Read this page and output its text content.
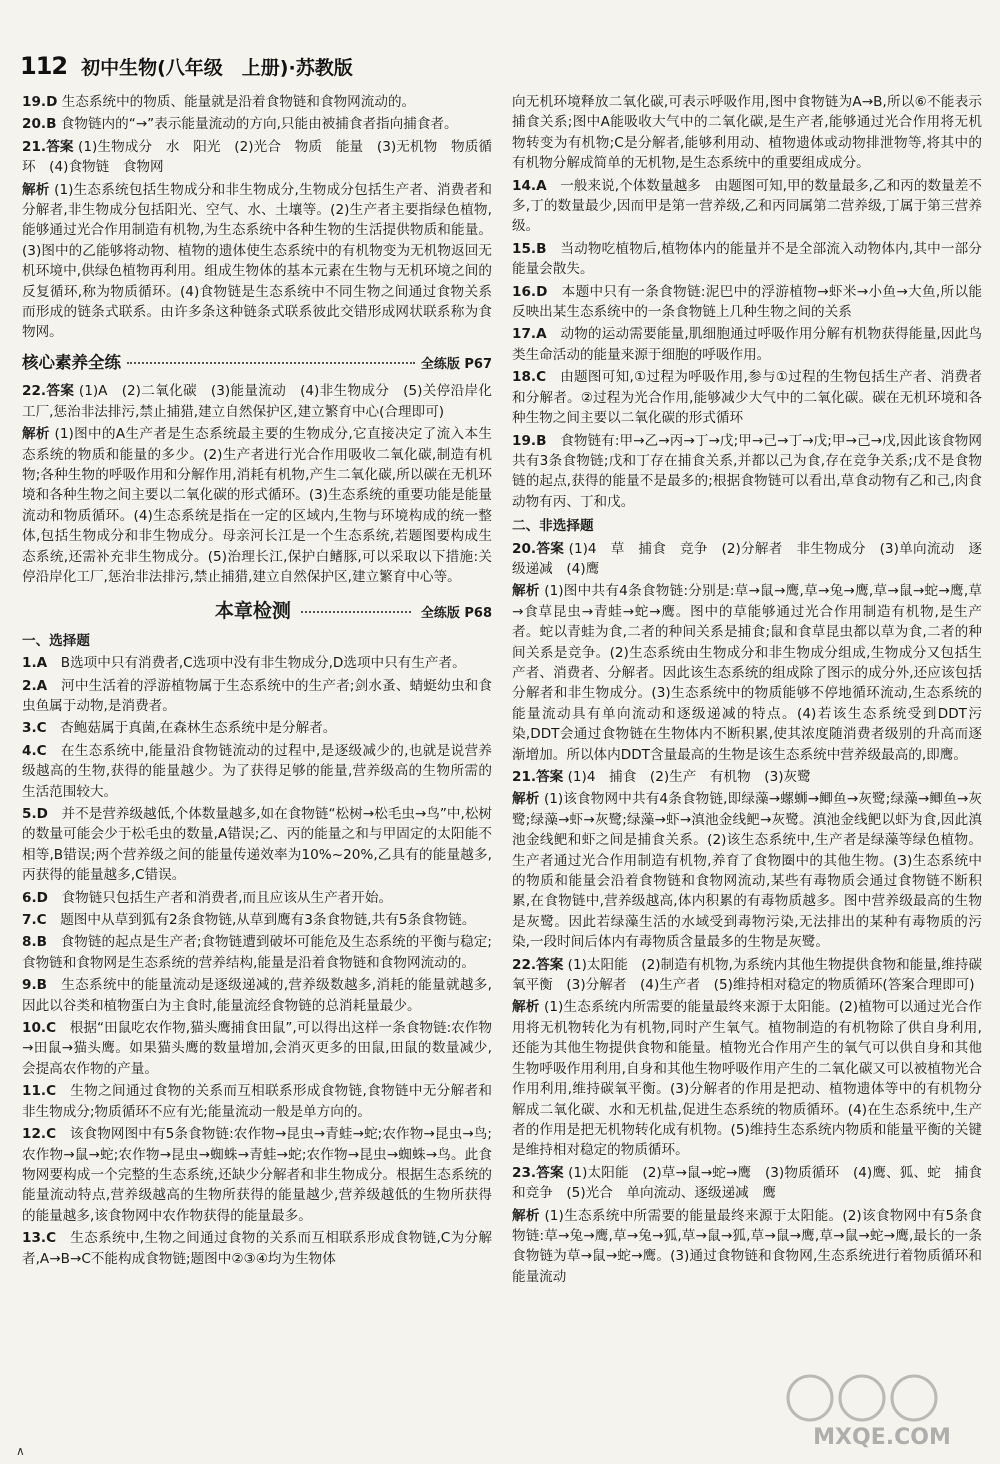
112 初中生物(八年级　上册)·苏教版
19.D 生态系统中的物质、能量就是沿着食物链和食物网流动的。
20.B 食物链内的“→”表示能量流动的方向,只能由被捕食者指向捕食者。
21.答案 (1)生物成分　水　阳光　(2)光合　物质　能量　(3)无机物　物质循环　(4)食物链　食物网
解析 (1)生态系统包括生物成分和非生物成分,生物成分包括生产者、消费者和分解者,非生物成分包括阳光、空气、水、土壤等。(2)生产者主要指绿色植物,能够通过光合作用制造有机物,为生态系统中各种生物的生活提供物质和能量。(3)图中的乙能够将动物、植物的遗体使生态系统中的有机物变为无机物返回无机环境中,供绿色植物再利用。组成生物体的基本元素在生物与无机环境之间的反复循环,称为物质循环。(4)食物链是生态系统中不同生物之间通过食物关系而形成的链条式联系。由许多条这种链条式联系彼此交错形成网状联系称为食物网。
核心素养全练	全练版 P67
22.答案 (1)A　(2)二氧化碳　(3)能量流动　(4)非生物成分　(5)关停沿岸化工厂,惩治非法排污,禁止捕猎,建立自然保护区,建立繁育中心(合理即可)
解析 (1)图中的A生产者是生态系统最主要的生物成分,它直接决定了流入本生态系统的物质和能量的多少。(2)生产者进行光合作用吸收二氧化碳,制造有机物;各种生物的呼吸作用和分解作用,消耗有机物,产生二氧化碳,所以碳在无机环境和各种生物之间主要以二氧化碳的形式循环。(3)生态系统的重要功能是能量流动和物质循环。(4)生态系统是指在一定的区域内,生物与环境构成的统一整体,包括生物成分和非生物成分。母亲河长江是一个生态系统,若题图要构成生态系统,还需补充非生物成分。(5)治理长江,保护白鳍豚,可以采取以下措施:关停沿岸化工厂,惩治非法排污,禁止捕猎,建立自然保护区,建立繁育中心等。
本章检测	全练版 P68
一、选择题
1.A　 B选项中只有消费者,C选项中没有非生物成分,D选项中只有生产者。
2.A　 河中生活着的浮游植物属于生态系统中的生产者;剑水蚤、蜻蜓幼虫和食虫鱼属于动物,是消费者。
3.C　 杏鲍菇属于真菌,在森林生态系统中是分解者。
4.C　 在生态系统中,能量沿食物链流动的过程中,是逐级减少的,也就是说营养级越高的生物,获得的能量越少。为了获得足够的能量,营养级高的生物所需的生活范围较大。
5.D　 并不是营养级越低,个体数量越多,如在食物链“松树→松毛虫→鸟”中,松树的数量可能会少于松毛虫的数量,A错误;乙、丙的能量之和与甲固定的太阳能不相等,B错误;两个营养级之间的能量传递效率为10%~20%,乙具有的能量越多,丙获得的能量越多,C错误。
6.D　 食物链只包括生产者和消费者,而且应该从生产者开始。
7.C　 题图中从草到狐有2条食物链,从草到鹰有3条食物链,共有5条食物链。
8.B　 食物链的起点是生产者;食物链遭到破坏可能危及生态系统的平衡与稳定;食物链和食物网是生态系统的营养结构,能量是沿着食物链和食物网流动的。
9.B　 生态系统中的能量流动是逐级递减的,营养级数越多,消耗的能量就越多,因此以谷类和植物蛋白为主食时,能量流经食物链的总消耗量最少。
10.C　 根据“田鼠吃农作物,猫头鹰捕食田鼠”,可以得出这样一条食物链:农作物→田鼠→猫头鹰。如果猫头鹰的数量增加,会消灭更多的田鼠,田鼠的数量减少,会提高农作物的产量。
11.C　 生物之间通过食物的关系而互相联系形成食物链,食物链中无分解者和非生物成分;物质循环不应有光;能量流动一般是单方向的。
12.C　 该食物网图中有5条食物链:农作物→昆虫→青蛙→蛇;农作物→昆虫→鸟;农作物→鼠→蛇;农作物→昆虫→蜘蛛→青蛙→蛇;农作物→昆虫→蜘蛛→鸟。此食物网要构成一个完整的生态系统,还缺少分解者和非生物成分。根据生态系统的能量流动特点,营养级越高的生物所获得的能量越少,营养级越低的生物所获得的能量越多,该食物网中农作物获得的能量最多。
13.C　 生态系统中,生物之间通过食物的关系而互相联系形成食物链,C为分解者,A→B→C不能构成食物链;题图中②③④均为生物体
向无机环境释放二氧化碳,可表示呼吸作用,图中食物链为A→B,所以⑥不能表示捕食关系;图中A能吸收大气中的二氧化碳,是生产者,能够通过光合作用将无机物转变为有机物;C是分解者,能够利用动、植物遗体或动物排泄物等,将其中的有机物分解成简单的无机物,是生态系统中的重要组成成分。
14.A　 一般来说,个体数量越多　由题图可知,甲的数量最多,乙和丙的数量差不多,丁的数量最少,因而甲是第一营养级,乙和丙同属第二营养级,丁属于第三营养级。
15.B　 当动物吃植物后,植物体内的能量并不是全部流入动物体内,其中一部分能量会散失。
16.D　 本题中只有一条食物链:泥巴中的浮游植物→虾米→小鱼→大鱼,所以能反映出某生态系统中的一条食物链上几种生物之间的关系
17.A　 动物的运动需要能量,肌细胞通过呼吸作用分解有机物获得能量,因此鸟类生命活动的能量来源于细胞的呼吸作用。
18.C　 由题图可知,①过程为呼吸作用,参与①过程的生物包括生产者、消费者和分解者。②过程为光合作用,能够减少大气中的二氧化碳。碳在无机环境和各种生物之间主要以二氧化碳的形式循环
19.B　 食物链有:甲→乙→丙→丁→戊;甲→己→丁→戊;甲→己→戊,因此该食物网共有3条食物链;戊和丁存在捕食关系,并都以己为食,存在竞争关系;戊不是食物链的起点,获得的能量不是最多的;根据食物链可以看出,草食动物有乙和己,肉食动物有丙、丁和戊。
二、非选择题
20.答案 (1)4　草　捕食　竞争　(2)分解者　非生物成分　(3)单向流动　逐级递减　(4)鹰
解析 (1)图中共有4条食物链:分别是:草→鼠→鹰,草→兔→鹰,草→鼠→蛇→鹰,草→食草昆虫→青蛙→蛇→鹰。图中的草能够通过光合作用制造有机物,是生产者。蛇以青蛙为食,二者的种间关系是捕食;鼠和食草昆虫都以草为食,二者的种间关系是竞争。(2)生态系统由生物成分和非生物成分组成,生物成分又包括生产者、消费者、分解者。因此该生态系统的组成除了图示的成分外,还应该包括分解者和非生物成分。(3)生态系统中的物质能够不停地循环流动,生态系统的能量流动具有单向流动和逐级递减的特点。(4)若该生态系统受到DDT污染,DDT会通过食物链在生物体内不断积累,使其浓度随消费者级别的升高而逐渐增加。所以体内DDT含量最高的生物是该生态系统中营养级最高的,即鹰。
21.答案 (1)4　捕食　(2)生产　有机物　(3)灰鹭
解析 (1)该食物网中共有4条食物链,即绿藻→螺蛳→鲫鱼→灰鹭;绿藻→鲫鱼→灰鹭;绿藻→虾→灰鹭;绿藻→虾→滇池金线鲃→灰鹭。滇池金线鲃以虾为食,因此滇池金线鲃和虾之间是捕食关系。(2)该生态系统中,生产者是绿藻等绿色植物。生产者通过光合作用制造有机物,养育了食物圈中的其他生物。(3)生态系统中的物质和能量会沿着食物链和食物网流动,某些有毒物质会通过食物链不断积累,在食物链中,营养级越高,体内积累的有毒物质越多。图中营养级最高的生物是灰鹭。因此若绿藻生活的水域受到毒物污染,无法排出的某种有毒物质的污染,一段时间后体内有毒物质含量最多的生物是灰鹭。
22.答案 (1)太阳能　(2)制造有机物,为系统内其他生物提供食物和能量,维持碳氧平衡　(3)分解者　(4)生产者　(5)维持相对稳定的物质循环(答案合理即可)
解析 (1)生态系统内所需要的能量最终来源于太阳能。(2)植物可以通过光合作用将无机物转化为有机物,同时产生氧气。植物制造的有机物除了供自身利用,还能为其他生物提供食物和能量。植物光合作用产生的氧气可以供自身和其他生物呼吸作用利用,自身和其他生物呼吸作用产生的二氧化碳又可以被植物光合作用利用,维持碳氧平衡。(3)分解者的作用是把动、植物遗体等中的有机物分解成二氧化碳、水和无机盐,促进生态系统的物质循环。(4)在生态系统中,生产者的作用是把无机物转化成有机物。(5)维持生态系统内物质和能量平衡的关键是维持相对稳定的物质循环。
23.答案 (1)太阳能　(2)草→鼠→蛇→鹰　(3)物质循环　(4)鹰、狐、蛇　捕食和竞争　(5)光合　单向流动、逐级递减　鹰
解析 (1)生态系统中所需要的能量最终来源于太阳能。(2)该食物网中有5条食物链:草→兔→鹰,草→兔→狐,草→鼠→狐,草→鼠→鹰,草→鼠→蛇→鹰,最长的一条食物链为草→鼠→蛇→鹰。(3)通过食物链和食物网,生态系统进行着物质循环和能量流动
∧
MXQE.COM
